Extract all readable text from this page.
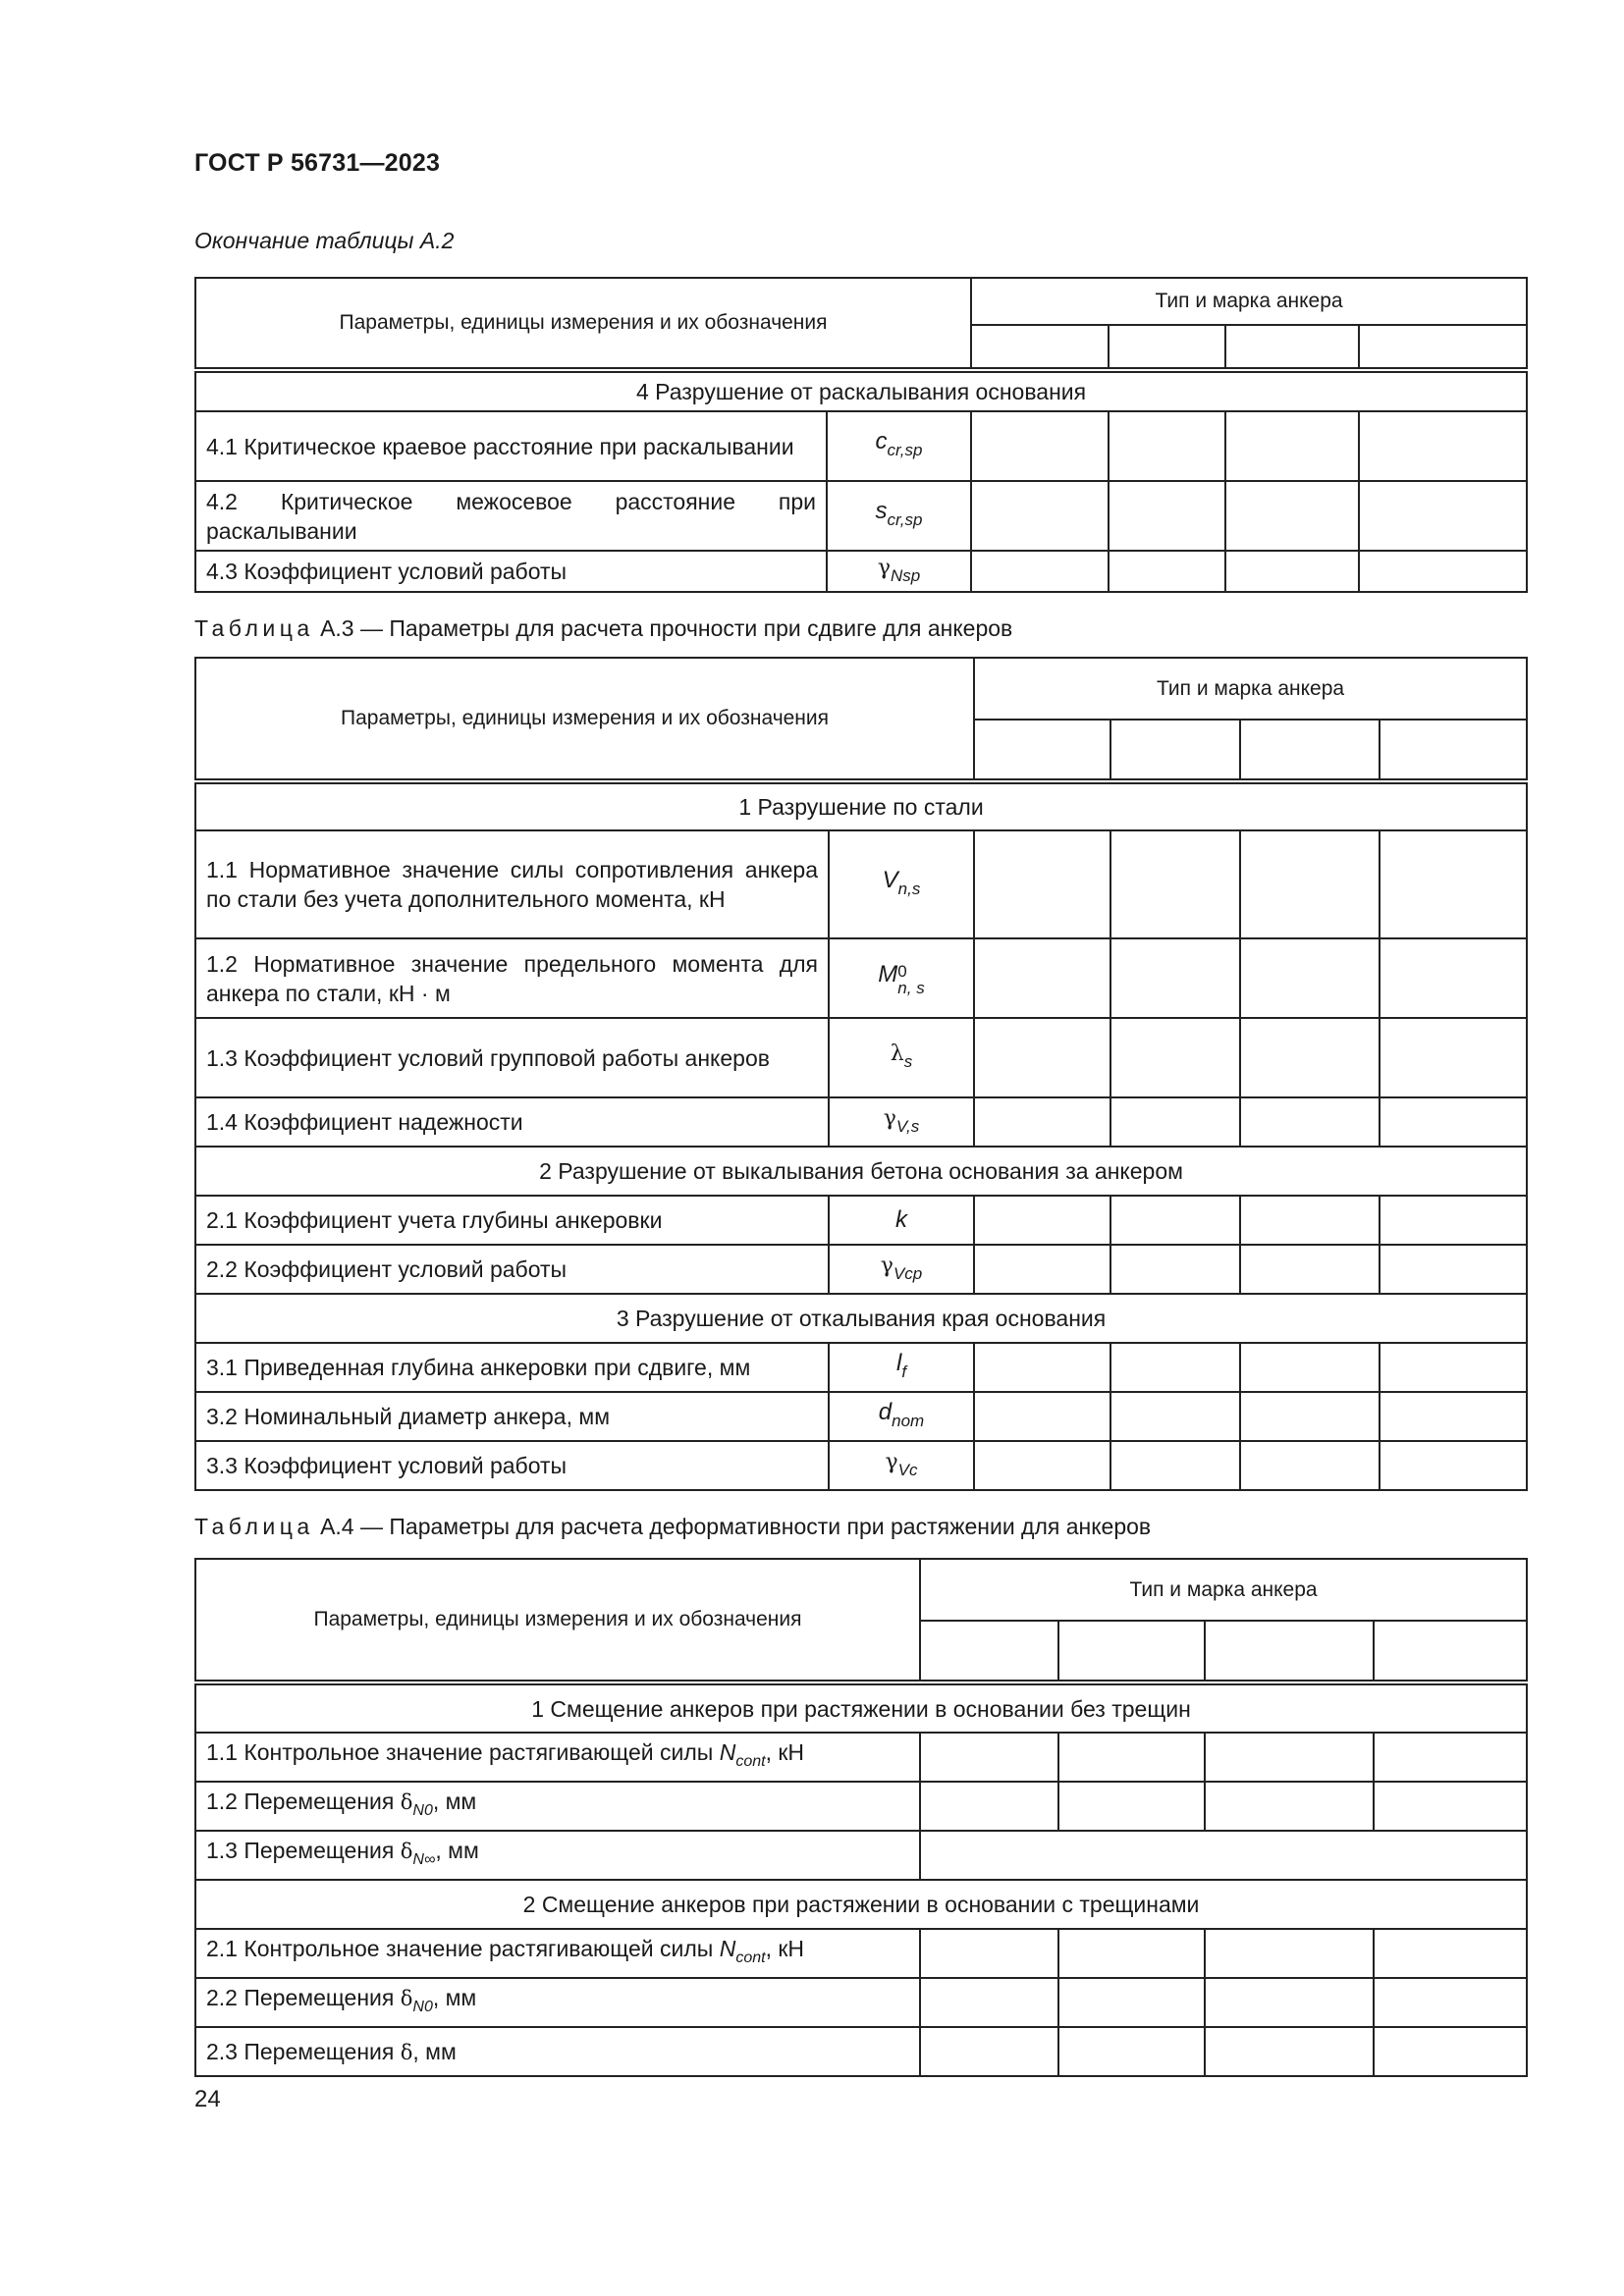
ГОСТ Р 56731—2023
Окончание таблицы А.2
Параметры, единицы измерения и их обозначения		Тип и марка анкера			

4 Разрушение от раскалывания основания					
4.1 Критическое краевое расстояние при раскалывании	$c_{cr,sp}$				
4.2 Критическое межосевое расстояние при раскалывании	$s_{cr,sp}$				
4.3 Коэффициент условий работы	$\gamma_{Nsp}$				
Таблица А.3 — Параметры для расчета прочности при сдвиге для анкеров
Параметры, единицы измерения и их обозначения		Тип и марка анкера			

1 Разрушение по стали					
1.1 Нормативное значение силы сопротивления анкера по стали без учета дополнительного момента, кН	$V_{n,s}$				
1.2 Нормативное значение предельного момента для анкера по стали, кН · м	M 0
n, s				

1.3 Коэффициент условий групповой работы анкеров	$\lambda_s$				
1.4 Коэффициент надежности	$\gamma_{V,s}$				
2 Разрушение от выкалывания бетона основания за анкером					
2.1 Коэффициент учета глубины анкеровки	k				
2.2 Коэффициент условий работы	$\gamma_{Vcp}$				
3 Разрушение от откалывания края основания					
3.1 Приведенная глубина анкеровки при сдвиге, мм	$l_f$				
3.2 Номинальный диаметр анкера, мм	$d_{nom}$				
3.3 Коэффициент условий работы	$\gamma_{Vc}$				
Таблица А.4 — Параметры для расчета деформативности при растяжении для анкеров
Параметры, единицы измерения и их обозначения	Тип и марка анкера			

1 Смещение анкеров при растяжении в основании без трещин				
1.1 Контрольное значение растягивающей силы $N_{cont}$, кН				
1.2 Перемещения $\delta_{N0}$, мм				
1.3 Перемещения $\delta_{N\infty}$, мм				
2 Смещение анкеров при растяжении в основании с трещинами				
2.1 Контрольное значение растягивающей силы $N_{cont}$, кН				
2.2 Перемещения $\delta_{N0}$, мм				
2.3 Перемещения δ, мм				
24
